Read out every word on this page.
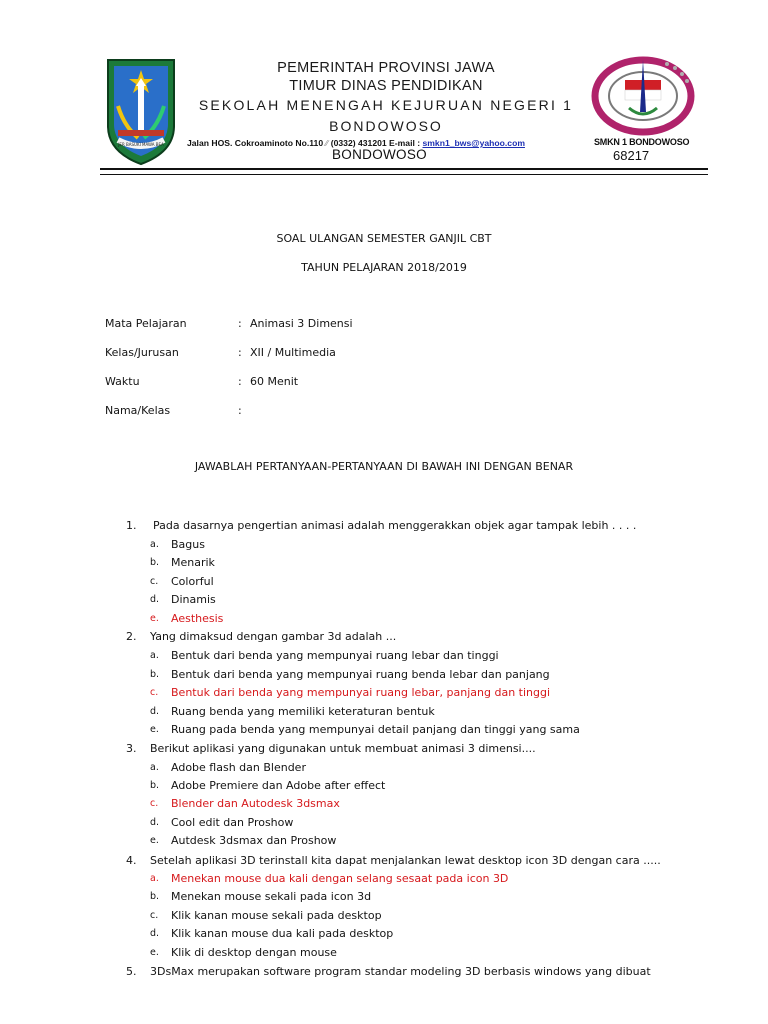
JER BASUKI MAWA BEA
PEMERINTAH PROVINSI JAWA
TIMUR DINAS PENDIDIKAN
SEKOLAH MENENGAH KEJURUAN NEGERI 1
BONDOWOSO
Jalan HOS. Cokroaminoto No.110 ∕∕ (0332) 431201 E-mail : smkn1_bws@yahoo.com
BONDOWOSO
SMKN 1 BONDOWOSO
68217
SOAL ULANGAN SEMESTER GANJIL CBT
TAHUN PELAJARAN 2018/2019
Mata Pelajaran	: Animasi 3 Dimensi
Kelas/Jurusan	: XII / Multimedia
Waktu	: 60 Menit
Nama/Kelas	:
JAWABLAH PERTANYAAN-PERTANYAAN DI BAWAH INI DENGAN BENAR
1. Pada dasarnya pengertian animasi adalah menggerakkan objek agar tampak lebih . . . .
a. Bagus
b. Menarik
c. Colorful
d. Dinamis
e. Aesthesis
2. Yang dimaksud dengan gambar 3d adalah ...
a. Bentuk dari benda yang mempunyai ruang lebar dan tinggi
b. Bentuk dari benda yang mempunyai ruang benda lebar dan panjang
c. Bentuk dari benda yang mempunyai ruang lebar, panjang dan tinggi
d. Ruang benda yang memiliki keteraturan bentuk
e. Ruang pada benda yang mempunyai detail panjang dan tinggi yang sama
3. Berikut aplikasi yang digunakan untuk membuat animasi 3 dimensi....
a. Adobe flash dan Blender
b. Adobe Premiere dan Adobe after effect
c. Blender dan Autodesk 3dsmax
d. Cool edit dan Proshow
e. Autdesk 3dsmax dan Proshow
4. Setelah aplikasi 3D terinstall kita dapat menjalankan lewat desktop icon 3D dengan cara .....
a. Menekan mouse dua kali dengan selang sesaat pada icon 3D
b. Menekan mouse sekali pada icon 3d
c. Klik kanan mouse sekali pada desktop
d. Klik kanan mouse dua kali pada desktop
e. Klik di desktop dengan mouse
5. 3DsMax merupakan software program standar modeling 3D berbasis windows yang dibuat
